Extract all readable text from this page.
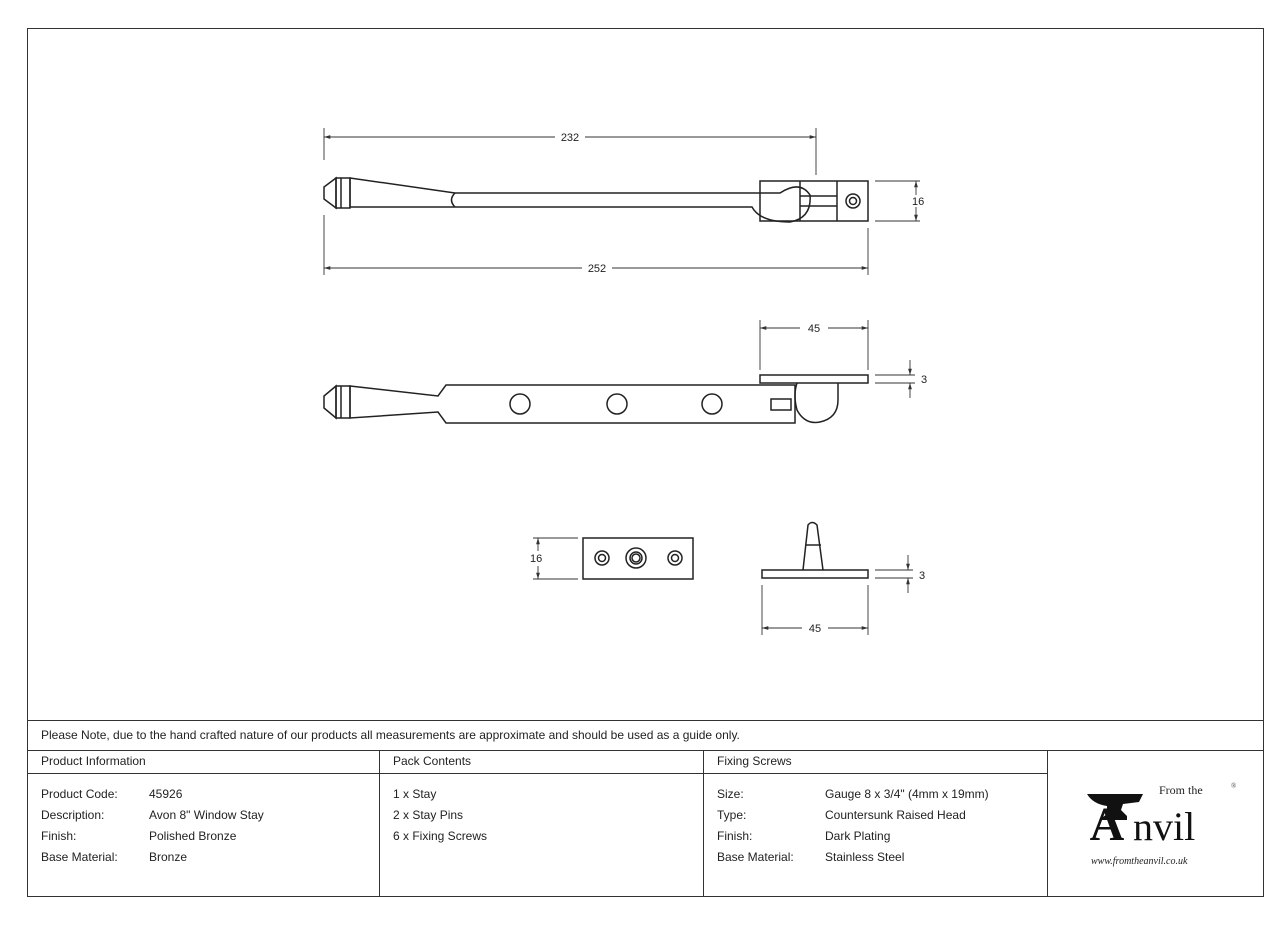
232
252
16
45
3
16
3
45
Please Note, due to the hand crafted nature of our products all measurements are approximate and should be used as a guide only.
Product Information
Product Code:	45926
Description:	Avon 8" Window Stay
Finish:	Polished Bronze
Base Material:	Bronze
Pack Contents
1 x Stay
2 x Stay Pins
6 x Fixing Screws
Fixing Screws
Size:	Gauge 8 x 3/4" (4mm x 19mm)
Type:	Countersunk Raised Head
Finish:	Dark Plating
Base Material:	Stainless Steel
A
From the	®
www.fromtheanvil.co.uk
nvil
